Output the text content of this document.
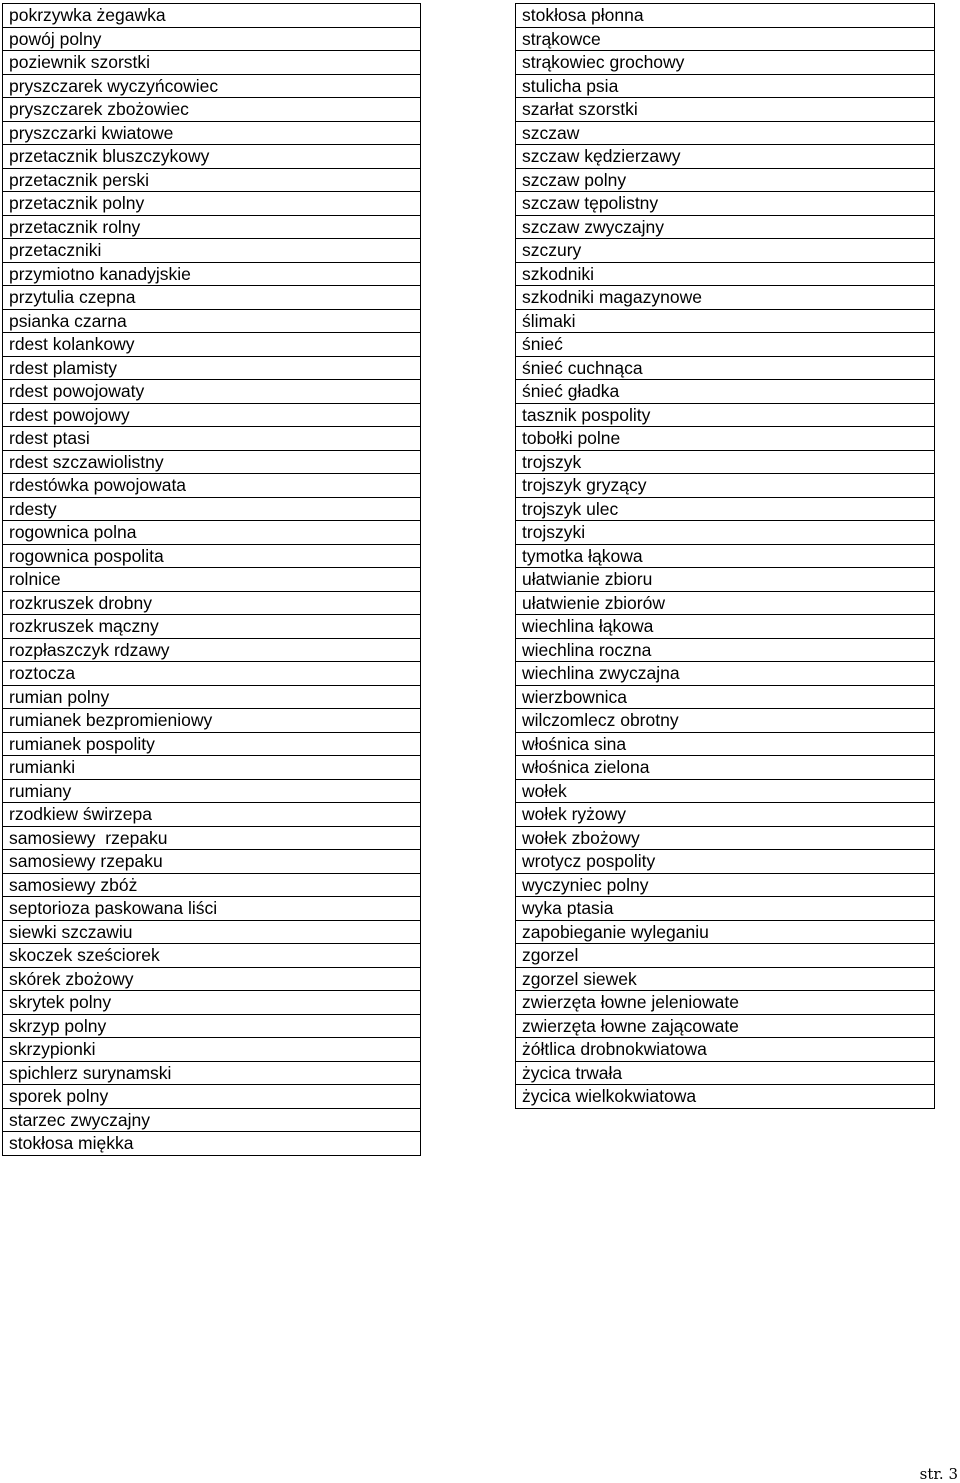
pokrzywka żegawka
powój polny
poziewnik szorstki
pryszczarek wyczyńcowiec
pryszczarek zbożowiec
pryszczarki kwiatowe
przetacznik bluszczykowy
przetacznik perski
przetacznik polny
przetacznik rolny
przetaczniki
przymiotno kanadyjskie
przytulia czepna
psianka czarna
rdest kolankowy
rdest plamisty
rdest powojowaty
rdest powojowy
rdest ptasi
rdest szczawiolistny
rdestówka powojowata
rdesty
rogownica polna
rogownica pospolita
rolnice
rozkruszek drobny
rozkruszek mączny
rozpłaszczyk rdzawy
roztocza
rumian polny
rumianek bezpromieniowy
rumianek pospolity
rumianki
rumiany
rzodkiew świrzepa
samosiewy  rzepaku
samosiewy rzepaku
samosiewy zbóż
septorioza paskowana liści
siewki szczawiu
skoczek sześciorek
skórek zbożowy
skrytek polny
skrzyp polny
skrzypionki
spichlerz surynamski
sporek polny
starzec zwyczajny
stokłosa miękka
stokłosa płonna
strąkowce
strąkowiec grochowy
stulicha psia
szarłat szorstki
szczaw
szczaw kędzierzawy
szczaw polny
szczaw tępolistny
szczaw zwyczajny
szczury
szkodniki
szkodniki magazynowe
ślimaki
śnieć
śnieć cuchnąca
śnieć gładka
tasznik pospolity
tobołki polne
trojszyk
trojszyk gryzący
trojszyk ulec
trojszyki
tymotka łąkowa
ułatwianie zbioru
ułatwienie zbiorów
wiechlina łąkowa
wiechlina roczna
wiechlina zwyczajna
wierzbownica
wilczomlecz obrotny
włośnica sina
włośnica zielona
wołek
wołek ryżowy
wołek zbożowy
wrotycz pospolity
wyczyniec polny
wyka ptasia
zapobieganie wyleganiu
zgorzel
zgorzel siewek
zwierzęta łowne jeleniowate
zwierzęta łowne zającowate
żółtlica drobnokwiatowa
życica trwała
życica wielkokwiatowa
str. 3
